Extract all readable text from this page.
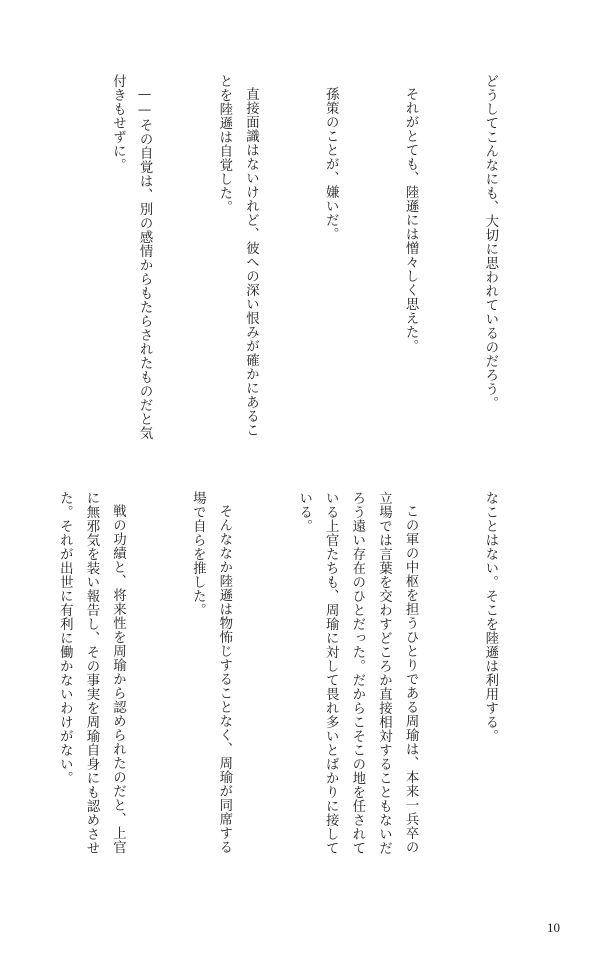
どうしてこんなにも、大切に思われているのだろう。

それがとても、陸遜には憎々しく思えた。

孫策のことが、嫌いだ。

直接面識はないけれど、彼への深い恨みが確かにあることを陸遜は自覚した。

——その自覚は、別の感情からもたらされたものだと気付きもせずに。

なことはない。そこを陸遜は利用する。

この軍の中枢を担うひとりである周瑜は、本来一兵卒の立場では言葉を交わすどころか直接相対することもないだろう遠い存在のひとだった。だからこそこの地を任されている上官たちも、周瑜に対して畏れ多いとばかりに接している。

そんななか陸遜は物怖じすることなく、周瑜が同席する場で自らを推した。

戦の功績と、将来性を周瑜から認められたのだと、上官に無邪気を装い報告し、その事実を周瑜自身にも認めさせた。それが出世に有利に働かないわけがない。

10
